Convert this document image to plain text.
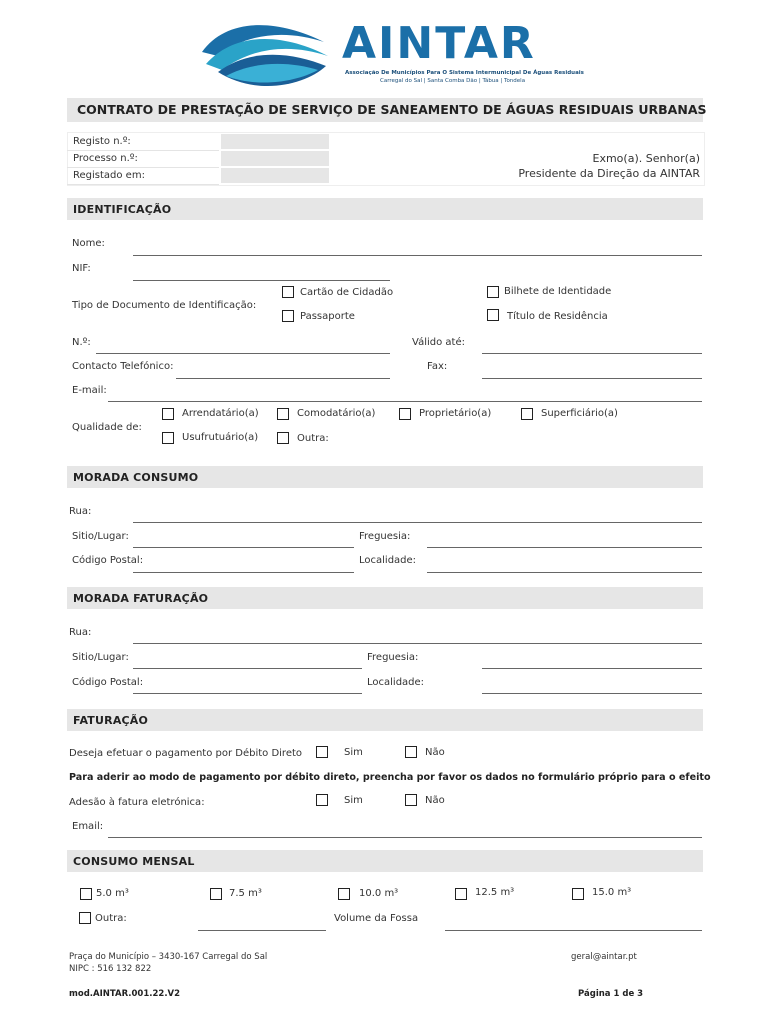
AINTAR
Associação De Municípios Para O Sistema Intermunicipal De Águas Residuais
Carregal do Sal | Santa Comba Dão | Tábua | Tondela
CONTRATO DE PRESTAÇÃO DE SERVIÇO DE SANEAMENTO DE ÁGUAS RESIDUAIS URBANAS
Registo n.º:
Processo n.º:
Registado em:
Exmo(a). Senhor(a)
Presidente da Direção da AINTAR
IDENTIFICAÇÃO
Nome:
NIF:
Tipo de Documento de Identificação:
Cartão de Cidadão	Bilhete de Identidade
Passaporte	Título de Residência
N.º:	Válido até:
Contacto Telefónico:	Fax:
E-mail:
Qualidade de:
Arrendatário(a)	Comodatário(a)	Proprietário(a)	Superficiário(a)
Usufrutuário(a)	Outra:
MORADA CONSUMO
Rua:
Sitio/Lugar:	Freguesia:
Código Postal:	Localidade:
MORADA FATURAÇÃO
Rua:
Sitio/Lugar:	Freguesia:
Código Postal:	Localidade:
FATURAÇÃO
Deseja efetuar o pagamento por Débito Direto	Sim	Não
Para aderir ao modo de pagamento por débito direto, preencha por favor os dados no formulário próprio para o efeito
Adesão à fatura eletrónica:	Sim	Não
Email:
CONSUMO MENSAL
5.0 m³	7.5 m³	10.0 m³	12.5 m³	15.0 m³
Outra:	Volume da Fossa
Praça do Município – 3430-167 Carregal do Sal
NIPC : 516 132 822
geral@aintar.pt
mod.AINTAR.001.22.V2	Página 1 de 3
